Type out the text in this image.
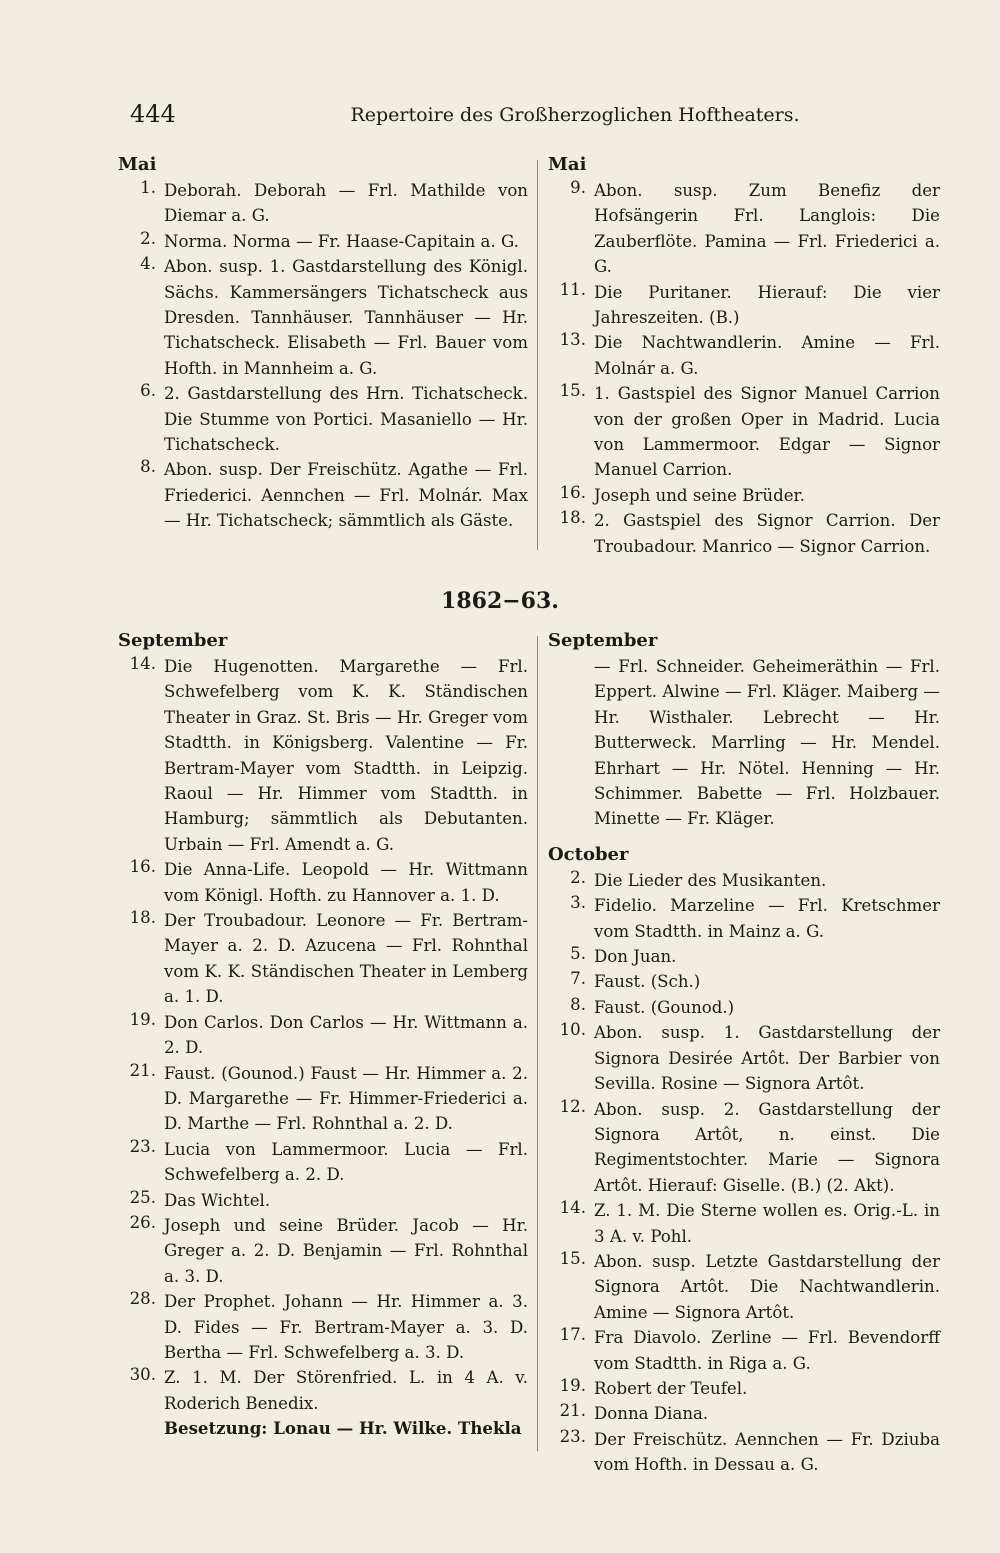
444	Repertoire des Großherzoglichen Hoftheaters.
Mai
1. Deborah. Deborah — Frl. Mathilde von Diemar a. G.
2. Norma. Norma — Fr. Haase-Capitain a. G.
4. Abon. susp. 1. Gastdarstellung des Königl. Sächs. Kammersängers Tichatscheck aus Dresden. Tannhäuser. Tannhäuser — Hr. Tichatscheck. Elisabeth — Frl. Bauer vom Hofth. in Mannheim a. G.
6. 2. Gastdarstellung des Hrn. Tichatscheck. Die Stumme von Portici. Masaniello — Hr. Tichatscheck.
8. Abon. susp. Der Freischütz. Agathe — Frl. Friederici. Aennchen — Frl. Molnár. Max — Hr. Tichatscheck; sämmtlich als Gäste.
Mai
9. Abon. susp. Zum Benefiz der Hofsängerin Frl. Langlois: Die Zauberflöte. Pamina — Frl. Friederici a. G.
11. Die Puritaner. Hierauf: Die vier Jahreszeiten. (B.)
13. Die Nachtwandlerin. Amine — Frl. Molnár a. G.
15. 1. Gastspiel des Signor Manuel Carrion von der großen Oper in Madrid. Lucia von Lammermoor. Edgar — Signor Manuel Carrion.
16. Joseph und seine Brüder.
18. 2. Gastspiel des Signor Carrion. Der Troubadour. Manrico — Signor Carrion.
1862−63.
September
14. Die Hugenotten. Margarethe — Frl. Schwefelberg vom K. K. Ständischen Theater in Graz. St. Bris — Hr. Greger vom Stadtth. in Königsberg. Valentine — Fr. Bertram-Mayer vom Stadtth. in Leipzig. Raoul — Hr. Himmer vom Stadtth. in Hamburg; sämmtlich als Debutanten. Urbain — Frl. Amendt a. G.
16. Die Anna-Life. Leopold — Hr. Wittmann vom Königl. Hofth. zu Hannover a. 1. D.
18. Der Troubadour. Leonore — Fr. Bertram-Mayer a. 2. D. Azucena — Frl. Rohnthal vom K. K. Ständischen Theater in Lemberg a. 1. D.
19. Don Carlos. Don Carlos — Hr. Wittmann a. 2. D.
21. Faust. (Gounod.) Faust — Hr. Himmer a. 2. D. Margarethe — Fr. Himmer-Friederici a. D. Marthe — Frl. Rohnthal a. 2. D.
23. Lucia von Lammermoor. Lucia — Frl. Schwefelberg a. 2. D.
25. Das Wichtel.
26. Joseph und seine Brüder. Jacob — Hr. Greger a. 2. D. Benjamin — Frl. Rohnthal a. 3. D.
28. Der Prophet. Johann — Hr. Himmer a. 3. D. Fides — Fr. Bertram-Mayer a. 3. D. Bertha — Frl. Schwefelberg a. 3. D.
30. Z. 1. M. Der Störenfried. L. in 4 A. v. Roderich Benedix.
Besetzung: Lonau — Hr. Wilke. Thekla
September
— Frl. Schneider. Geheimeräthin — Frl. Eppert. Alwine — Frl. Kläger. Maiberg — Hr. Wisthaler. Lebrecht — Hr. Butterweck. Marrling — Hr. Mendel. Ehrhart — Hr. Nötel. Henning — Hr. Schimmer. Babette — Frl. Holzbauer. Minette — Fr. Kläger.
October
2. Die Lieder des Musikanten.
3. Fidelio. Marzeline — Frl. Kretschmer vom Stadtth. in Mainz a. G.
5. Don Juan.
7. Faust. (Sch.)
8. Faust. (Gounod.)
10. Abon. susp. 1. Gastdarstellung der Signora Desirée Artôt. Der Barbier von Sevilla. Rosine — Signora Artôt.
12. Abon. susp. 2. Gastdarstellung der Signora Artôt, n. einst. Die Regimentstochter. Marie — Signora Artôt. Hierauf: Giselle. (B.) (2. Akt).
14. Z. 1. M. Die Sterne wollen es. Orig.-L. in 3 A. v. Pohl.
15. Abon. susp. Letzte Gastdarstellung der Signora Artôt. Die Nachtwandlerin. Amine — Signora Artôt.
17. Fra Diavolo. Zerline — Frl. Bevendorff vom Stadtth. in Riga a. G.
19. Robert der Teufel.
21. Donna Diana.
23. Der Freischütz. Aennchen — Fr. Dziuba vom Hofth. in Dessau a. G.
